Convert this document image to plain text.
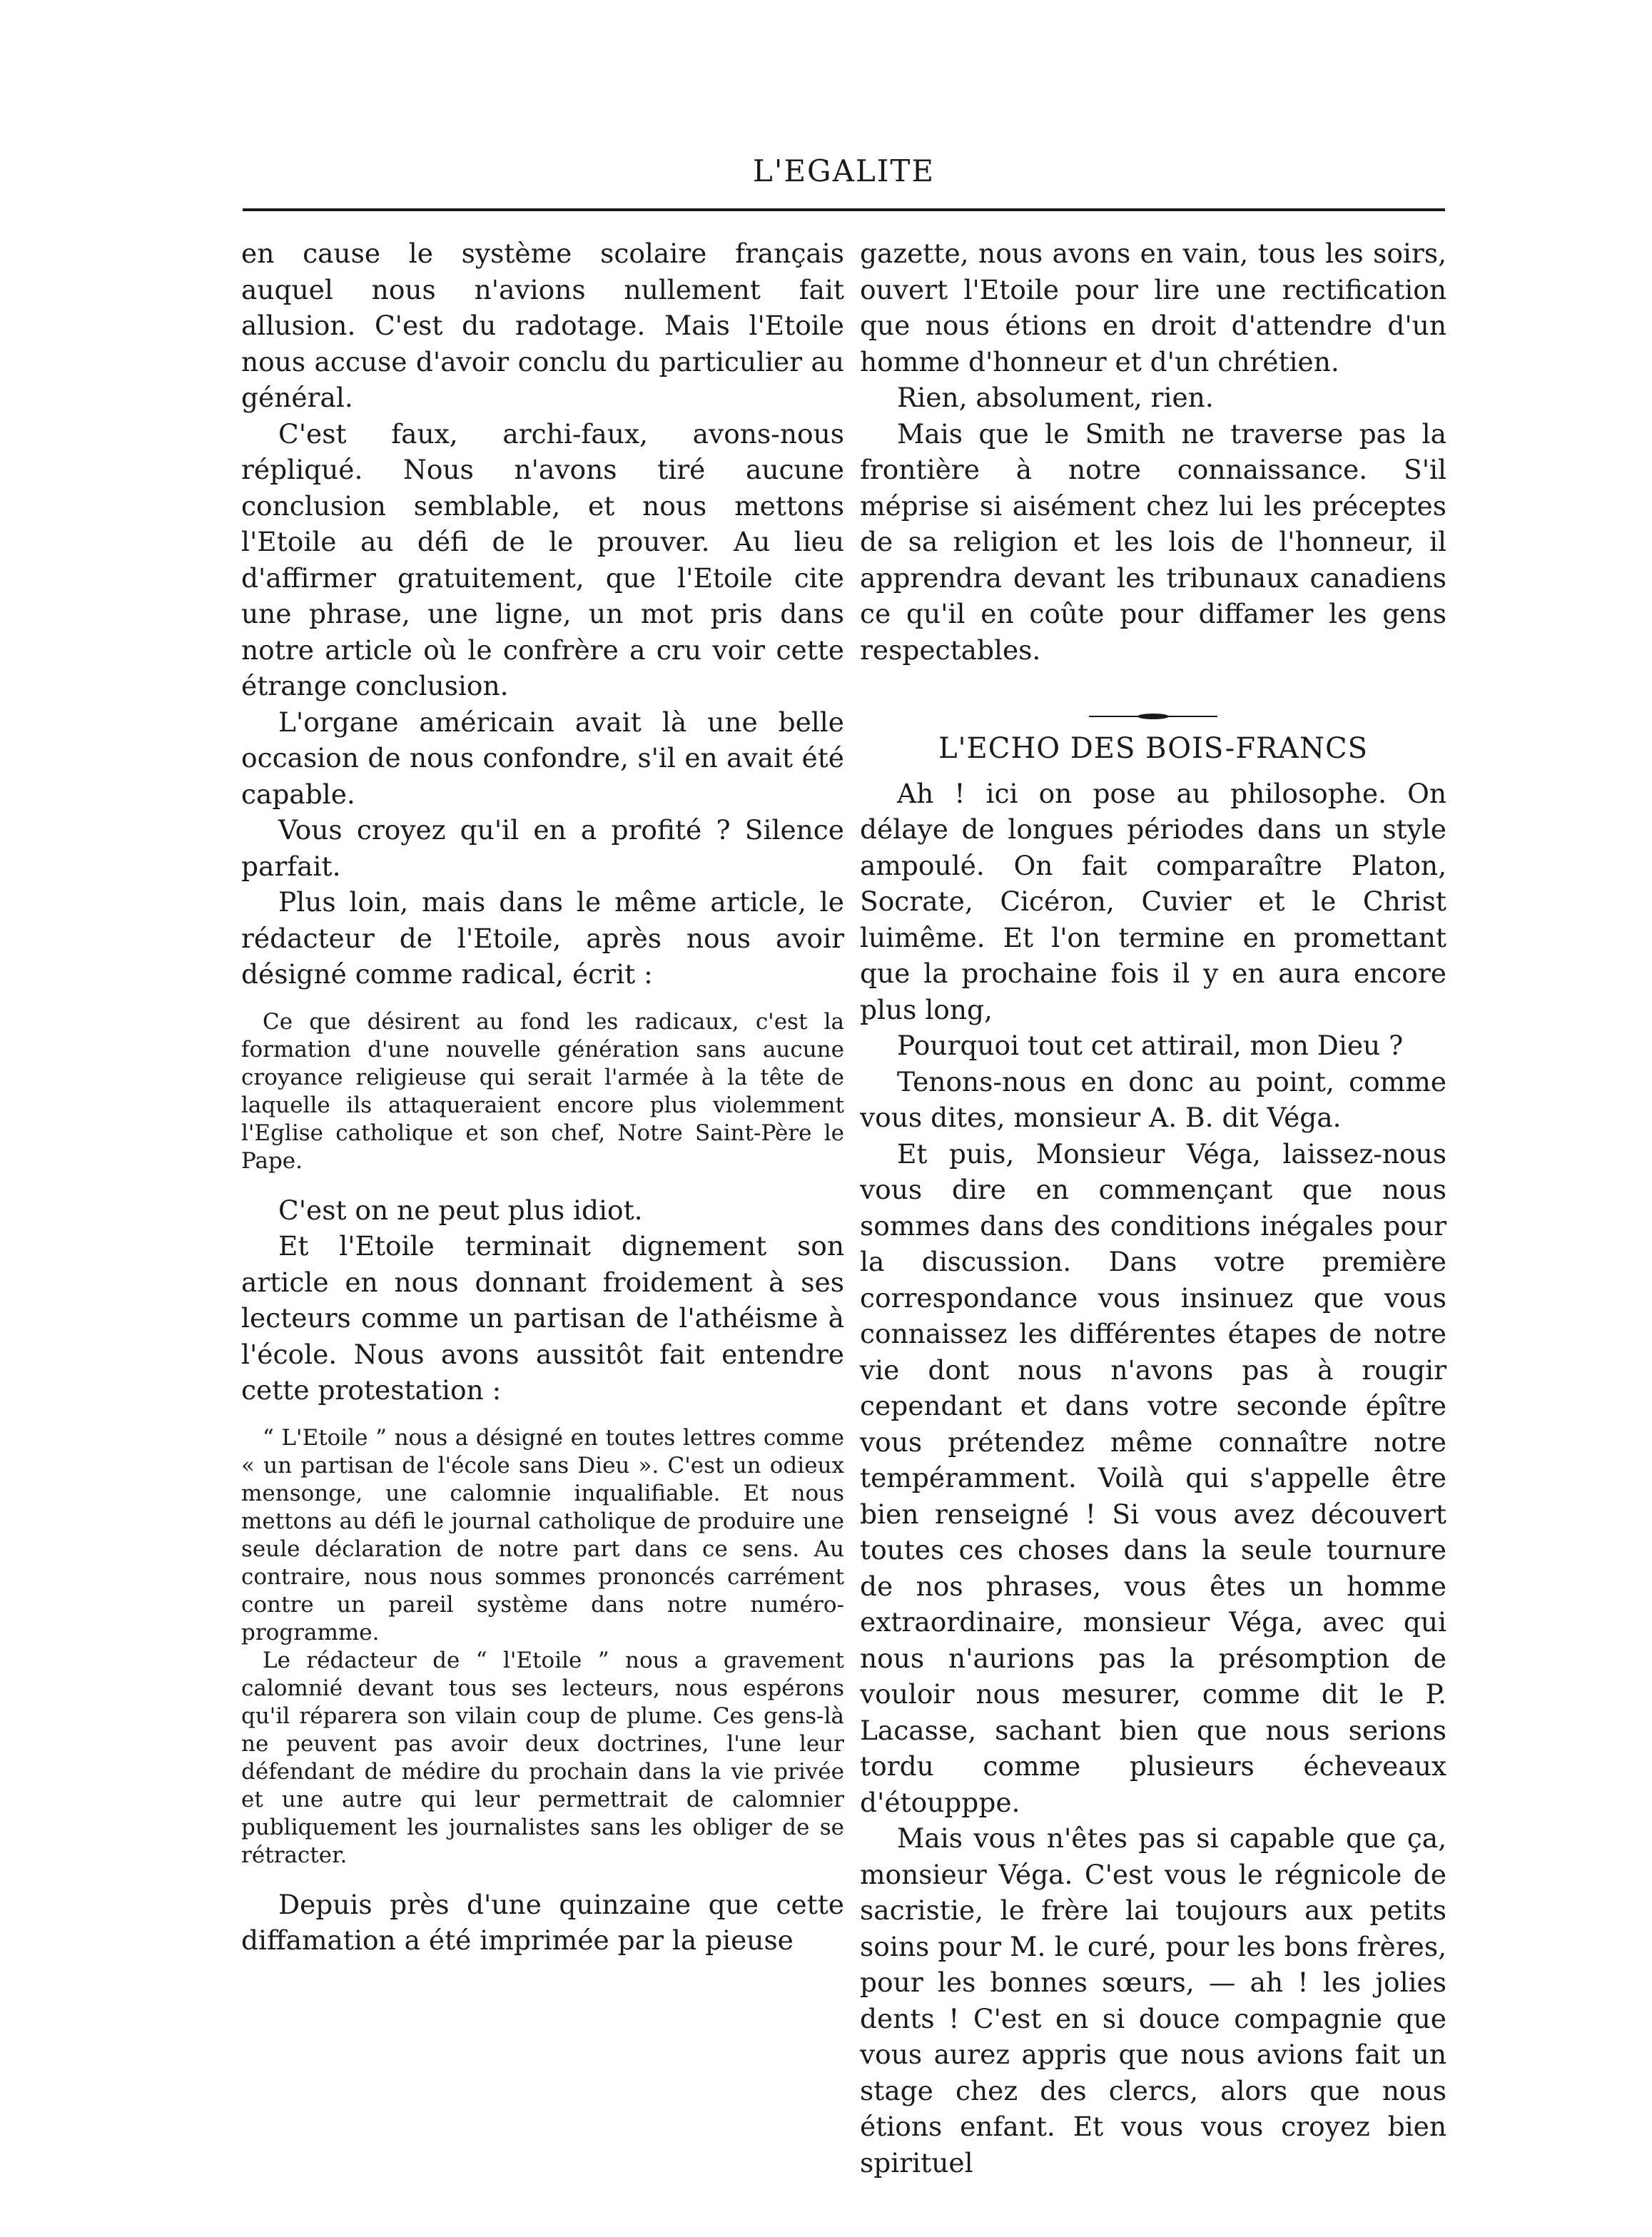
L'EGALITE

en cause le système scolaire français auquel nous n'avions nullement fait allusion. C'est du radotage. Mais l'Etoile nous accuse d'avoir conclu du particulier au général.

C'est faux, archi-faux, avons-nous répliqué. Nous n'avons tiré aucune conclusion semblable, et nous mettons l'Etoile au défi de le prouver. Au lieu d'affirmer gratuitement, que l'Etoile cite une phrase, une ligne, un mot pris dans notre article où le confrère a cru voir cette étrange conclusion.

L'organe américain avait là une belle occasion de nous confondre, s'il en avait été capable.

Vous croyez qu'il en a profité ? Silence parfait.

Plus loin, mais dans le même article, le rédacteur de l'Etoile, après nous avoir désigné comme radical, écrit :

Ce que désirent au fond les radicaux, c'est la formation d'une nouvelle génération sans aucune croyance religieuse qui serait l'armée à la tête de laquelle ils attaqueraient encore plus violemment l'Eglise catholique et son chef, Notre Saint-Père le Pape.

C'est on ne peut plus idiot.

Et l'Etoile terminait dignement son article en nous donnant froidement à ses lecteurs comme un partisan de l'athéisme à l'école. Nous avons aussitôt fait entendre cette protestation :

“ L'Etoile ” nous a désigné en toutes lettres comme « un partisan de l'école sans Dieu ». C'est un odieux mensonge, une calomnie inqualifiable. Et nous mettons au défi le journal catholique de produire une seule déclaration de notre part dans ce sens. Au contraire, nous nous sommes prononcés carrément contre un pareil système dans notre numéro-programme.

Le rédacteur de “ l'Etoile ” nous a gravement calomnié devant tous ses lecteurs, nous espérons qu'il réparera son vilain coup de plume. Ces gens-là ne peuvent pas avoir deux doctrines, l'une leur défendant de médire du prochain dans la vie privée et une autre qui leur permettrait de calomnier publiquement les journalistes sans les obliger de se rétracter.

Depuis près d'une quinzaine que cette diffamation a été imprimée par la pieuse

gazette, nous avons en vain, tous les soirs, ouvert l'Etoile pour lire une rectification que nous étions en droit d'attendre d'un homme d'honneur et d'un chrétien.

Rien, absolument, rien.

Mais que le Smith ne traverse pas la frontière à notre connaissance. S'il méprise si aisément chez lui les préceptes de sa religion et les lois de l'honneur, il apprendra devant les tribunaux canadiens ce qu'il en coûte pour diffamer les gens respectables.

L'ECHO DES BOIS-FRANCS

Ah ! ici on pose au philosophe. On délaye de longues périodes dans un style ampoulé. On fait comparaître Platon, Socrate, Cicéron, Cuvier et le Christ luimême. Et l'on termine en promettant que la prochaine fois il y en aura encore plus long,

Pourquoi tout cet attirail, mon Dieu ?

Tenons-nous en donc au point, comme vous dites, monsieur A. B. dit Véga.

Et puis, Monsieur Véga, laissez-nous vous dire en commençant que nous sommes dans des conditions inégales pour la discussion. Dans votre première correspondance vous insinuez que vous connaissez les différentes étapes de notre vie dont nous n'avons pas à rougir cependant et dans votre seconde épître vous prétendez même connaître notre tempéramment. Voilà qui s'appelle être bien renseigné ! Si vous avez découvert toutes ces choses dans la seule tournure de nos phrases, vous êtes un homme extraordinaire, monsieur Véga, avec qui nous n'aurions pas la présomption de vouloir nous mesurer, comme dit le P. Lacasse, sachant bien que nous serions tordu comme plusieurs écheveaux d'étoupppe.

Mais vous n'êtes pas si capable que ça, monsieur Véga. C'est vous le régnicole de sacristie, le frère lai toujours aux petits soins pour M. le curé, pour les bons frères, pour les bonnes sœurs, — ah ! les jolies dents ! C'est en si douce compagnie que vous aurez appris que nous avions fait un stage chez des clercs, alors que nous étions enfant. Et vous vous croyez bien spirituel
